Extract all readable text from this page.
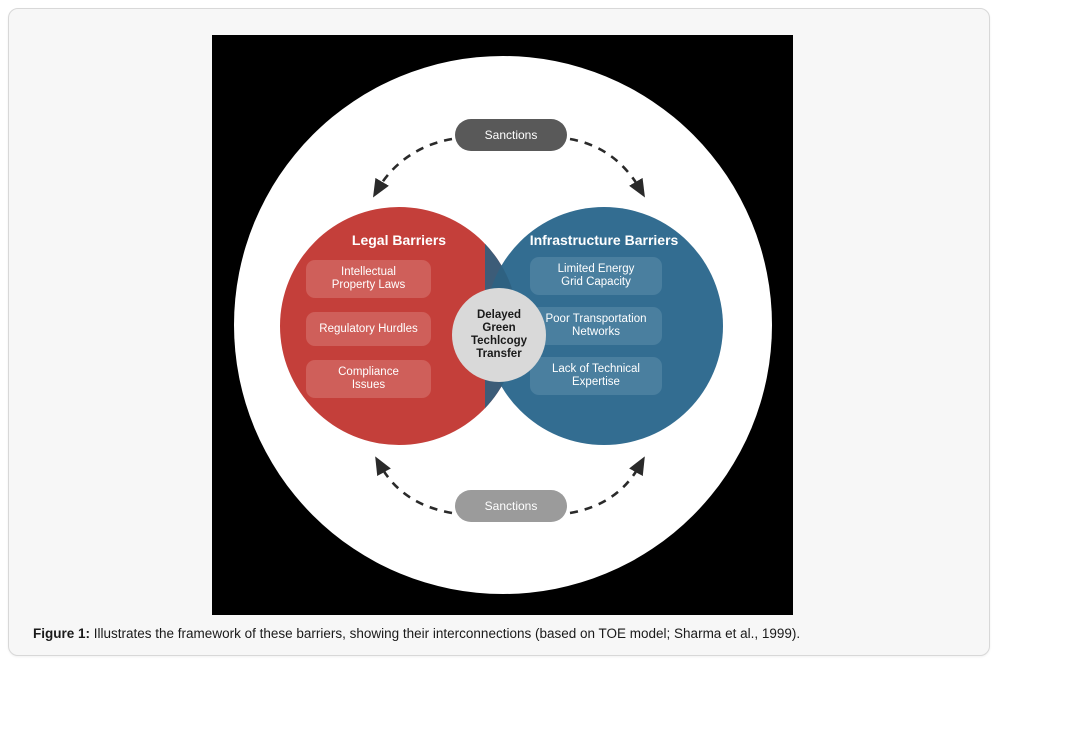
Legal Barriers	Infrastructure Barriers
Intellectual
Property Laws
Regulatory Hurdles
Compliance
Issues
Limited Energy
Grid Capacity
Poor Transportation
Networks
Lack of Technical
Expertise
Delayed
Green Techlcogy
Transfer
Sanctions
Sanctions
Figure 1: Illustrates the framework of these barriers, showing their interconnections (based on TOE model; Sharma et al., 1999).
